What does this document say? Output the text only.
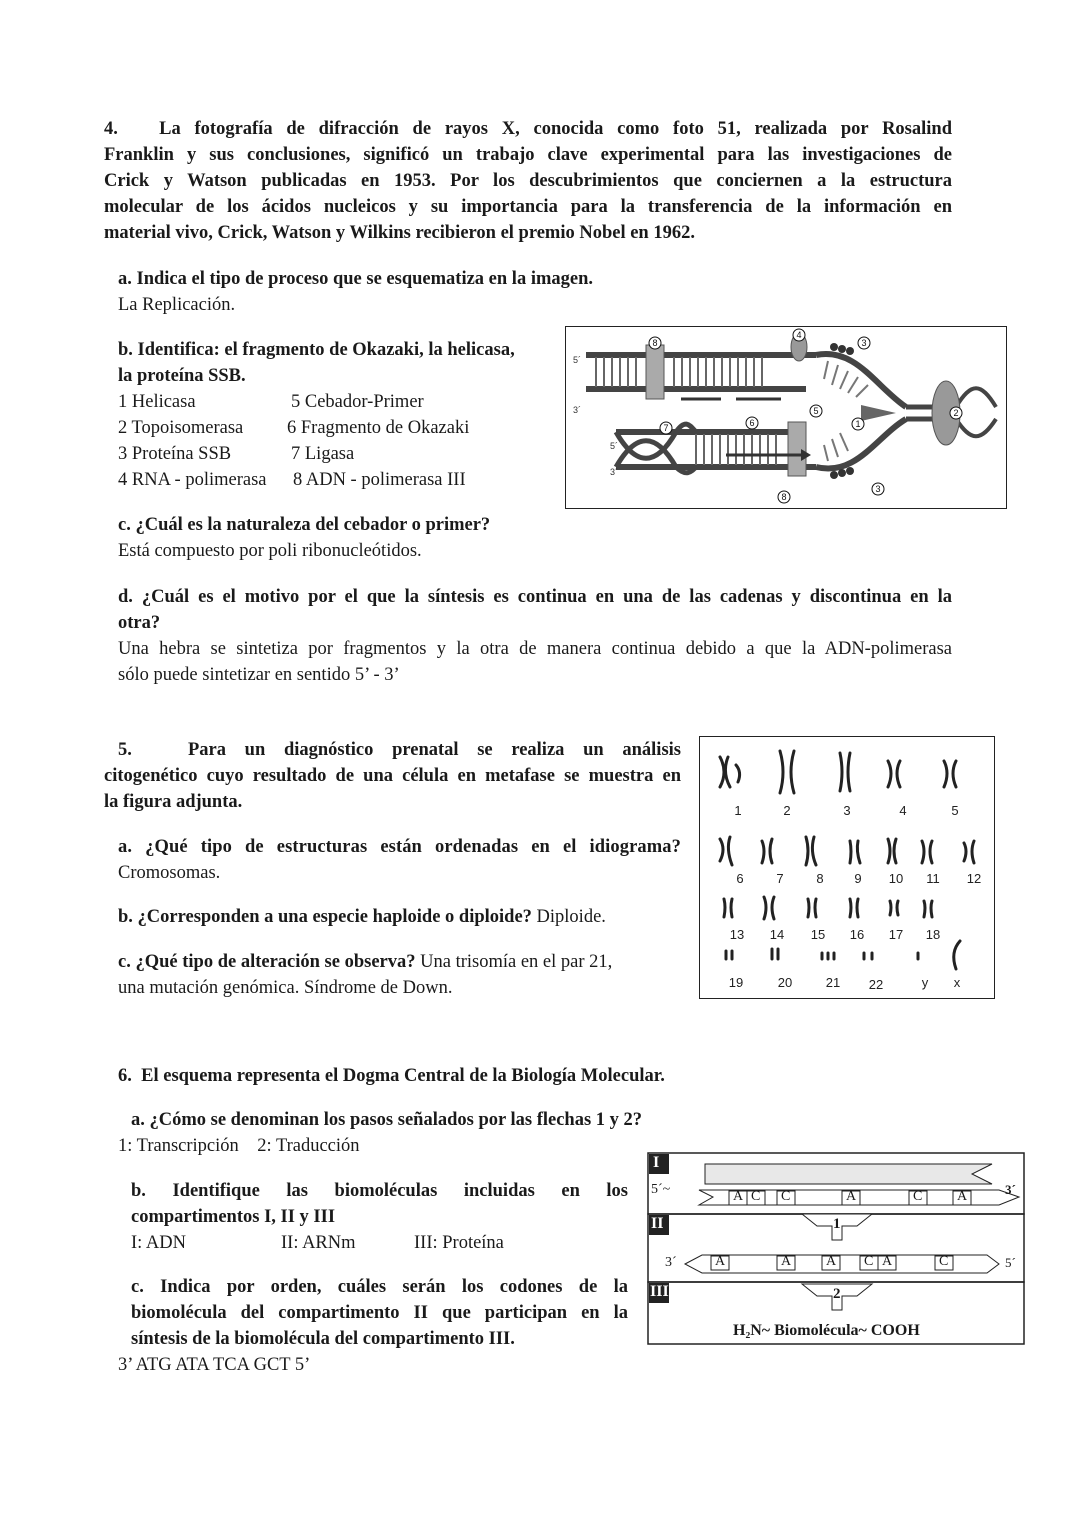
4.   La fotografía de difracción de rayos X, conocida como foto 51, realizada por Rosalind
Franklin y sus conclusiones, significó un trabajo clave experimental para las investigaciones de
Crick y Watson publicadas en 1953. Por los descubrimientos que conciernen a la estructura
molecular de los ácidos nucleicos y su importancia para la transferencia de la información en
material vivo, Crick, Watson y Wilkins recibieron el premio Nobel en 1962.
a. Indica el tipo de proceso que se esquematiza en la imagen.
La Replicación.
b. Identifica: el fragmento de Okazaki, la helicasa,
la proteína SSB.
1 Helicasa	5 Cebador-Primer
2 Topoisomerasa 6 Fragmento de Okazaki
3 Proteína SSB	7 Ligasa
4 RNA - polimerasa 8 ADN - polimerasa III
8
4
3
5
6
7	1
2
8
3
5´
3´
5´
3´
c. ¿Cuál es la naturaleza del cebador o primer?
Está compuesto por poli ribonucleótidos.
d. ¿Cuál es el motivo por el que la síntesis es continua en una de las cadenas y discontinua en la
otra?
Una hebra se sintetiza por fragmentos y la otra de manera continua debido a que la ADN-polimerasa
sólo puede sintetizar en sentido 5’ - 3’
5.   Para un diagnóstico prenatal se realiza un análisis
citogenético cuyo resultado de una célula en metafase se muestra en
la figura adjunta.
a. ¿Qué tipo de estructuras están ordenadas en el idiograma?
Cromosomas.
b. ¿Corresponden a una especie haploide o diploide? Diploide.
c. ¿Qué tipo de alteración se observa? Una trisomía en el par 21,
una mutación genómica. Síndrome de Down.
1	2	3	4	5
6	7	8	9	10	11	12
13	14	15	16	17	18
19	20	21	22	y	x
6.  El esquema representa el Dogma Central de la Biología Molecular.
a. ¿Cómo se denominan los pasos señalados por las flechas 1 y 2?
1: Transcripción    2: Traducción
b. Identifique las biomoléculas incluidas en los
compartimentos I, II y III
I: ADN	II: ARNm	III: Proteína
c. Indica por orden, cuáles serán los codones de la
biomolécula del compartimento II que participan en la
síntesis de la biomolécula del compartimento III.
3’ ATG ATA TCA GCT 5’
I
II
III
5´~	3´
3´	5´
A C C	A	C A
A	A A C A	C
1
2
H₂N~ Biomolécula~ COOH
